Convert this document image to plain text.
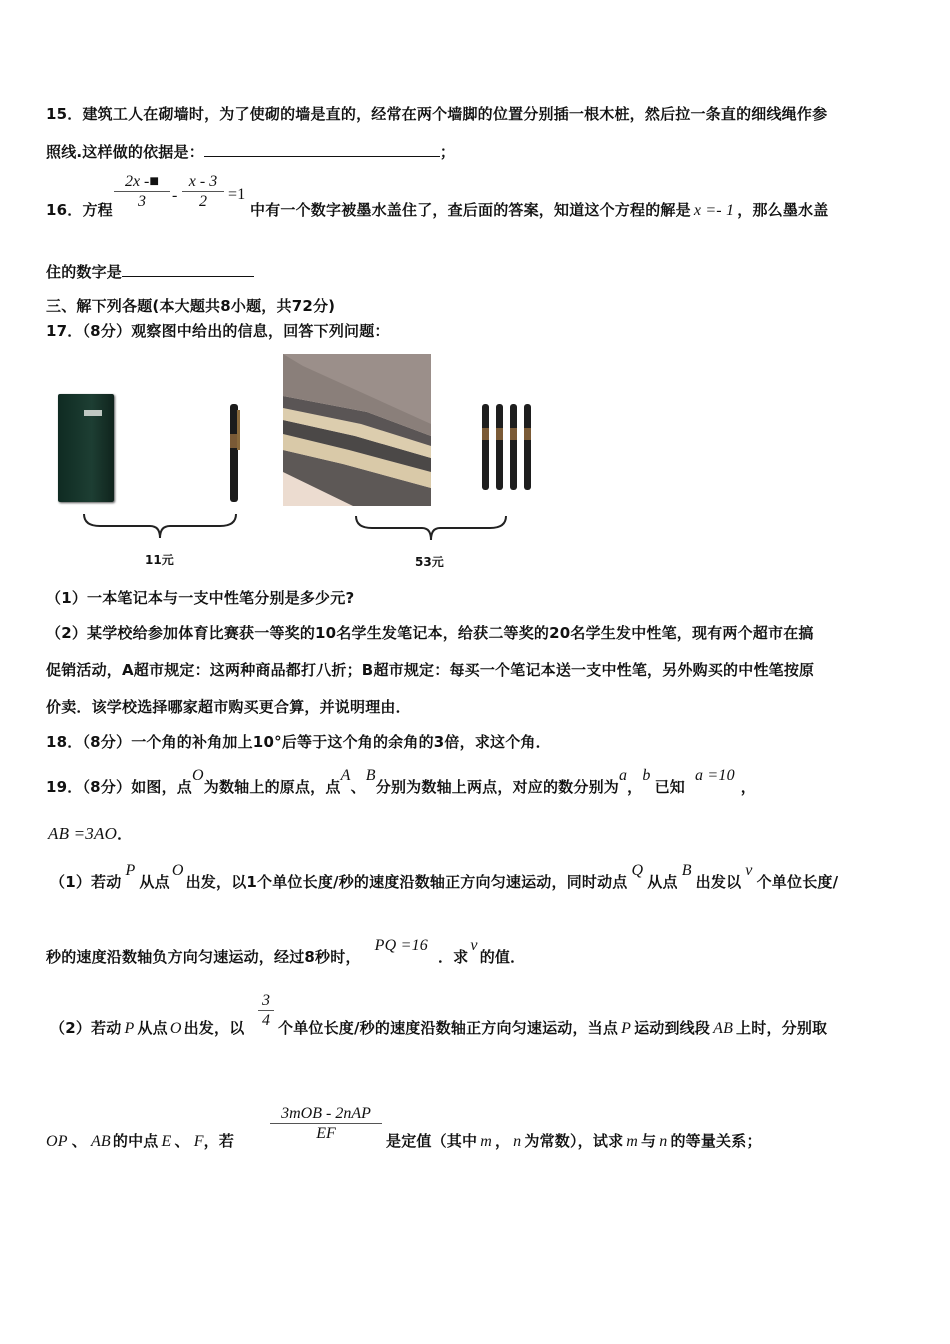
15．建筑工人在砌墙时，为了使砌的墙是直的，经常在两个墙脚的位置分别插一根木桩，然后拉一条直的细线绳作参
照线.这样做的依据是：	；
16．方程
2x -■
3	-
x - 3
2	=1
中有一个数字被墨水盖住了，查后面的答案，知道这个方程的解是 x =- 1 ，那么墨水盖
住的数字是
三、解下列各题(本大题共8小题，共72分)
17．（8分）观察图中给出的信息，回答下列问题：
11元	53元
（1）一本笔记本与一支中性笔分别是多少元?
（2）某学校给参加体育比赛获一等奖的10名学生发笔记本，给获二等奖的20名学生发中性笔，现有两个超市在搞
促销活动，A超市规定：这两种商品都打八折；B超市规定：每买一个笔记本送一支中性笔，另外购买的中性笔按原
价卖．该学校选择哪家超市购买更合算，并说明理由．
18．（8分）一个角的补角加上10°后等于这个角的余角的3倍，求这个角．
19．（8分）如图，点O为数轴上的原点，点A、B分别为数轴上两点，对应的数分别为a，b已知a =10，
AB =3AO．
（1）若动P从点O出发，以1个单位长度/秒的速度沿数轴正方向匀速运动，同时动点Q从点B出发以v个单位长度/
秒的速度沿数轴负方向匀速运动，经过8秒时，PQ =16．求v的值．
3
4
（2）若动 P 从点 O 出发，以 个单位长度/秒的速度沿数轴正方向匀速运动，当点 P 运动到线段 AB 上时，分别取
OP 、 AB 的中点 E 、 F，若
3mOB - 2nAP
EF	是定值（其中 m ， n 为常数），试求 m 与 n 的等量关系；
